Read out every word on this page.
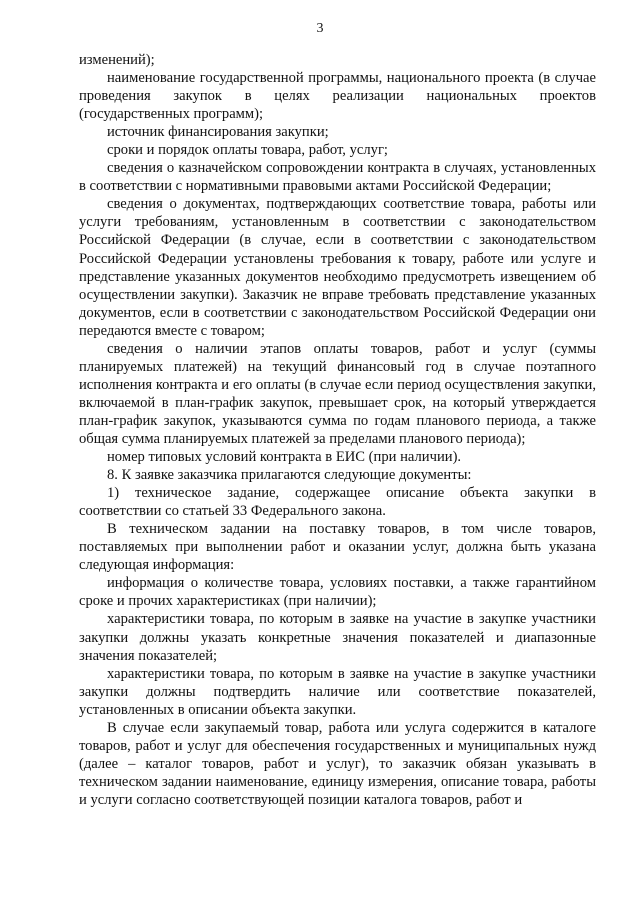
3

изменений);

наименование государственной программы, национального проекта (в случае проведения закупок в целях реализации национальных проектов (государственных программ);

источник финансирования закупки;

сроки и порядок оплаты товара, работ, услуг;

сведения о казначейском сопровождении контракта в случаях, установленных в соответствии с нормативными правовыми актами Российской Федерации;

сведения о документах, подтверждающих соответствие товара, работы или услуги требованиям, установленным в соответствии с законодательством Российской Федерации (в случае, если в соответствии с законодательством Российской Федерации установлены требования к товару, работе или услуге и представление указанных документов необходимо предусмотреть извещением об осуществлении закупки). Заказчик не вправе требовать представление указанных документов, если в соответствии с законодательством Российской Федерации они передаются вместе с товаром;

сведения о наличии этапов оплаты товаров, работ и услуг (суммы планируемых платежей) на текущий финансовый год в случае поэтапного исполнения контракта и его оплаты (в случае если период осуществления закупки, включаемой в план-график закупок, превышает срок, на который утверждается план-график закупок, указываются сумма по годам планового периода, а также общая сумма планируемых платежей за пределами планового периода);

номер типовых условий контракта в ЕИС (при наличии).

8. К заявке заказчика прилагаются следующие документы:

1) техническое задание, содержащее описание объекта закупки в соответствии со статьей 33 Федерального закона.

В техническом задании на поставку товаров, в том числе товаров, поставляемых при выполнении работ и оказании услуг, должна быть указана следующая информация:

информация о количестве товара, условиях поставки, а также гарантийном сроке и прочих характеристиках (при наличии);

характеристики товара, по которым в заявке на участие в закупке участники закупки должны указать конкретные значения показателей и диапазонные значения показателей;

характеристики товара, по которым в заявке на участие в закупке участники закупки должны подтвердить наличие или соответствие показателей, установленных в описании объекта закупки.

В случае если закупаемый товар, работа или услуга содержится в каталоге товаров, работ и услуг для обеспечения государственных и муниципальных нужд (далее – каталог товаров, работ и услуг), то заказчик обязан указывать в техническом задании наименование, единицу измерения, описание товара, работы и услуги согласно соответствующей позиции каталога товаров, работ и
